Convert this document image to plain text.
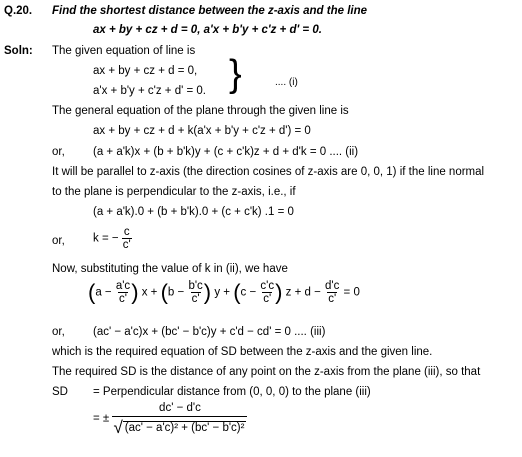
Q.20. Find the shortest distance between the z-axis and the line
ax + by + cz + d = 0, a'x + b'y + c'z + d' = 0.
Soln: The given equation of line is
ax + by + cz + d = 0,
a'x + b'y + c'z + d' = 0. }	.... (i)
The general equation of the plane through the given line is
ax + by + cz + d + k(a'x + b'y + c'z + d') = 0
or, (a + a'k)x + (b + b'k)y + (c + c'k)z + d + d'k = 0 .... (ii)
It will be parallel to z-axis (the direction cosines of z-axis are 0, 0, 1) if the line normal
to the plane is perpendicular to the z-axis, i.e., if
(a + a'k).0 + (b + b'k).0 + (c + c'k) .1 = 0
or, k = − $\frac{c}{c'}$
Now, substituting the value of k in (ii), we have
($a - \frac{a'c}{c'}$ ) $x + (b - \frac{b'c}{c'}$ ) $y + (c - \frac{c'c}{c'}$ ) $z + d - \frac{d'c}{c'} = 0$
or, (ac' − a'c)x + (bc' − b'c)y + c'd − cd' = 0 .... (iii)
which is the required equation of SD between the z-axis and the given line.
The required SD is the distance of any point on the z-axis from the plane (iii), so that
SD = Perpendicular distance from (0, 0, 0) to the plane (iii)
= ± $\frac{dc' - d'c}{\text{√ (ac' − a'c)² + (bc' − b'c)²}}$
